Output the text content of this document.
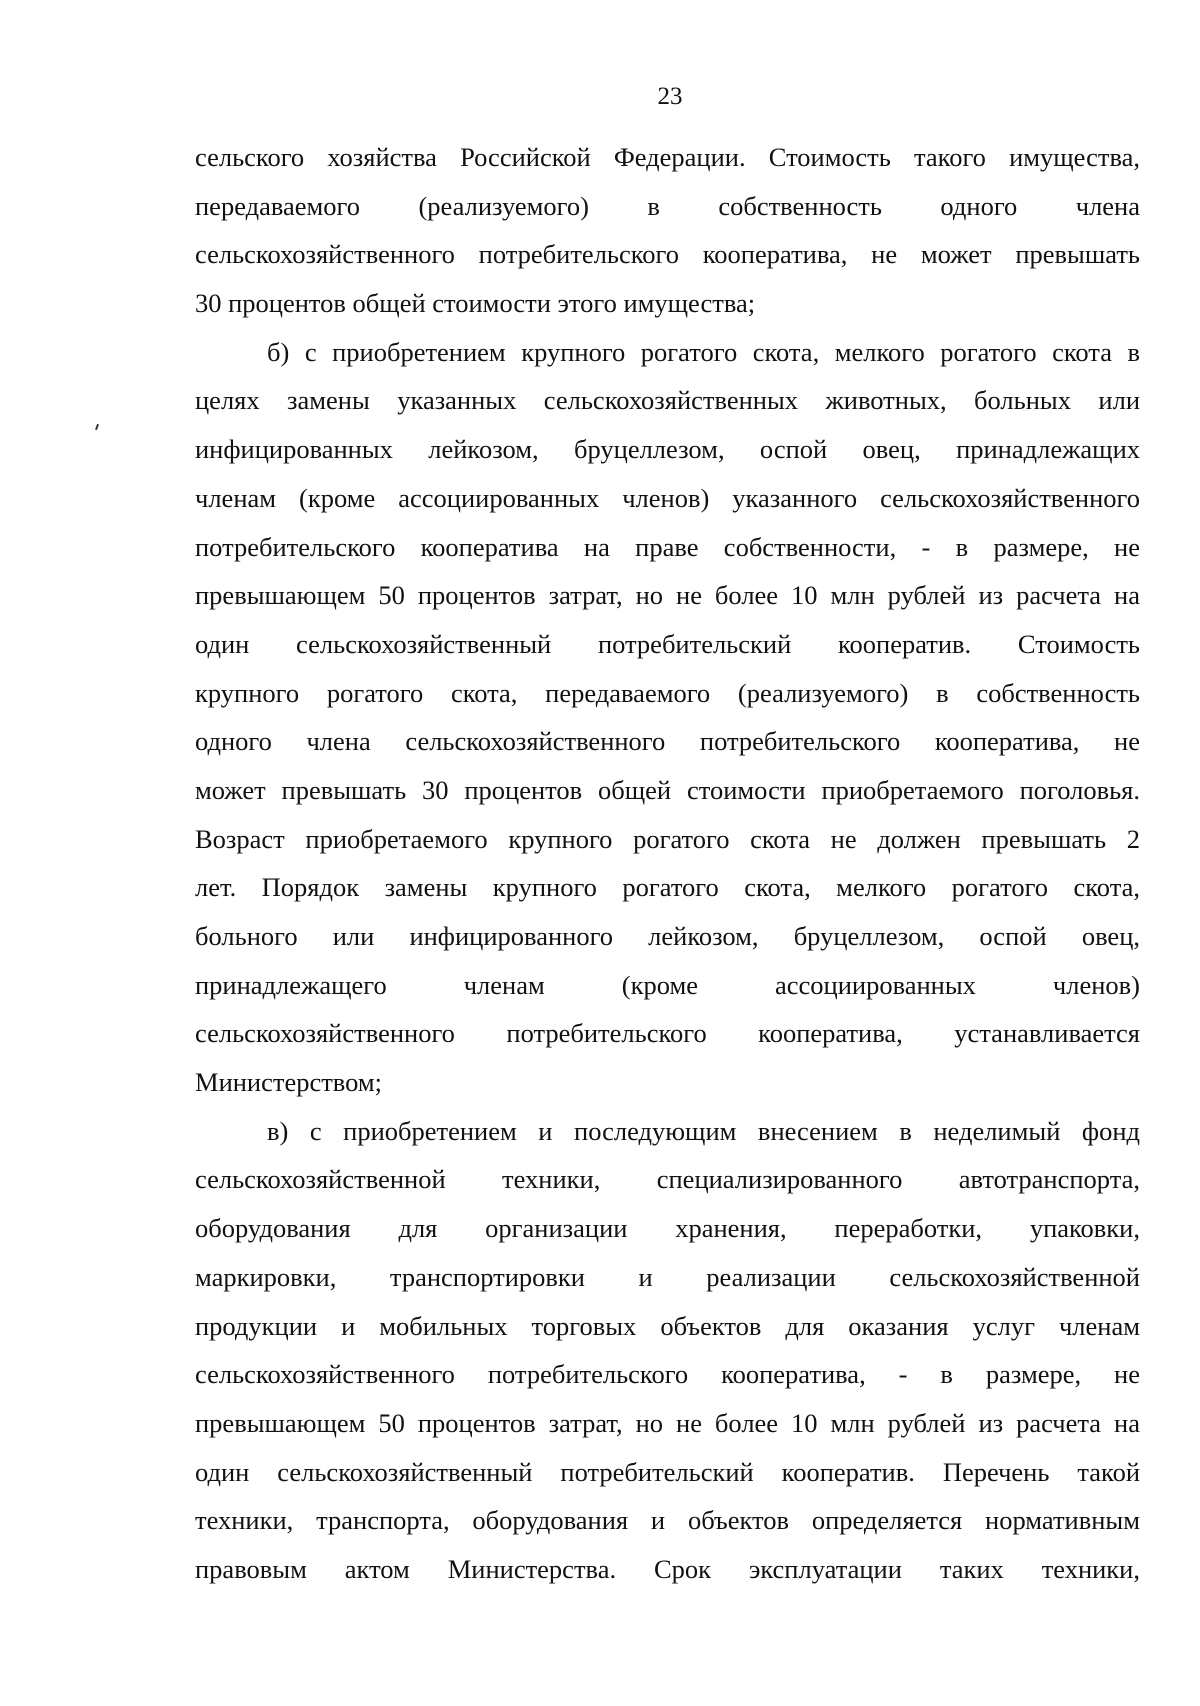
23
сельского хозяйства Российской Федерации. Стоимость такого имущества,
передаваемого (реализуемого) в собственность одного члена
сельскохозяйственного потребительского кооператива, не может превышать
30 процентов общей стоимости этого имущества;
б) с приобретением крупного рогатого скота, мелкого рогатого скота в
целях замены указанных сельскохозяйственных животных, больных или
инфицированных лейкозом, бруцеллезом, оспой овец, принадлежащих
членам (кроме ассоциированных членов) указанного сельскохозяйственного
потребительского кооператива на праве собственности, - в размере, не
превышающем 50 процентов затрат, но не более 10 млн рублей из расчета на
один сельскохозяйственный потребительский кооператив. Стоимость
крупного рогатого скота, передаваемого (реализуемого) в собственность
одного члена сельскохозяйственного потребительского кооператива, не
может превышать 30 процентов общей стоимости приобретаемого поголовья.
Возраст приобретаемого крупного рогатого скота не должен превышать 2
лет. Порядок замены крупного рогатого скота, мелкого рогатого скота,
больного или инфицированного лейкозом, бруцеллезом, оспой овец,
принадлежащего членам (кроме ассоциированных членов)
сельскохозяйственного потребительского кооператива, устанавливается
Министерством;
в) с приобретением и последующим внесением в неделимый фонд
сельскохозяйственной техники, специализированного автотранспорта,
оборудования для организации хранения, переработки, упаковки,
маркировки, транспортировки и реализации сельскохозяйственной
продукции и мобильных торговых объектов для оказания услуг членам
сельскохозяйственного потребительского кооператива, - в размере, не
превышающем 50 процентов затрат, но не более 10 млн рублей из расчета на
один сельскохозяйственный потребительский кооператив. Перечень такой
техники, транспорта, оборудования и объектов определяется нормативным
правовым актом Министерства. Срок эксплуатации таких техники,
